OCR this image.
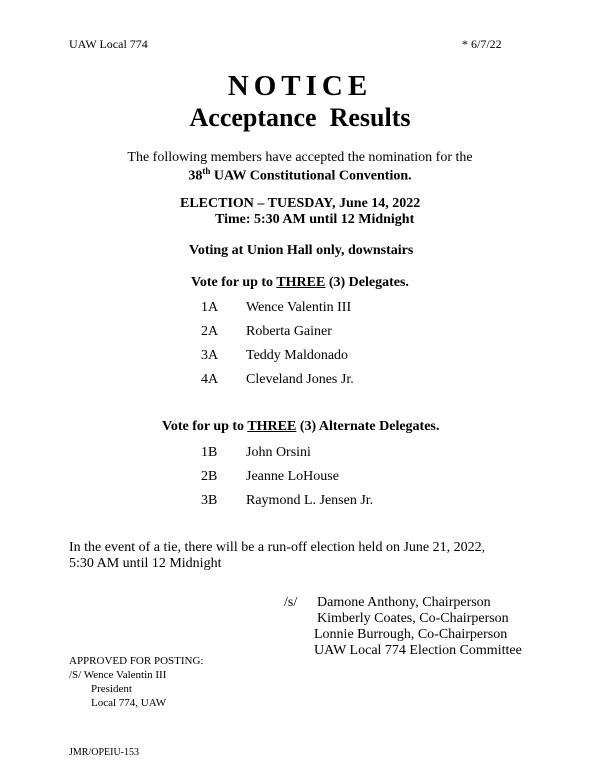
UAW Local 774	* 6/7/22
NOTICE
Acceptance  Results
The following members have accepted the nomination for the
38th UAW Constitutional Convention.
ELECTION – TUESDAY, June 14, 2022
Time: 5:30 AM until 12 Midnight
Voting at Union Hall only, downstairs
Vote for up to THREE (3) Delegates.
1A Wence Valentin III
2A Roberta Gainer
3A Teddy Maldonado
4A Cleveland Jones Jr.
Vote for up to THREE (3) Alternate Delegates.
1B John Orsini
2B Jeanne LoHouse
3B Raymond L. Jensen Jr.
In the event of a tie, there will be a run-off election held on June 21, 2022,
5:30 AM until 12 Midnight
/s/ Damone Anthony, Chairperson
Kimberly Coates, Co-Chairperson
Lonnie Burrough, Co-Chairperson
UAW Local 774 Election Committee
APPROVED FOR POSTING:
/S/ Wence Valentin III
President
Local 774, UAW
JMR/OPEIU-153
